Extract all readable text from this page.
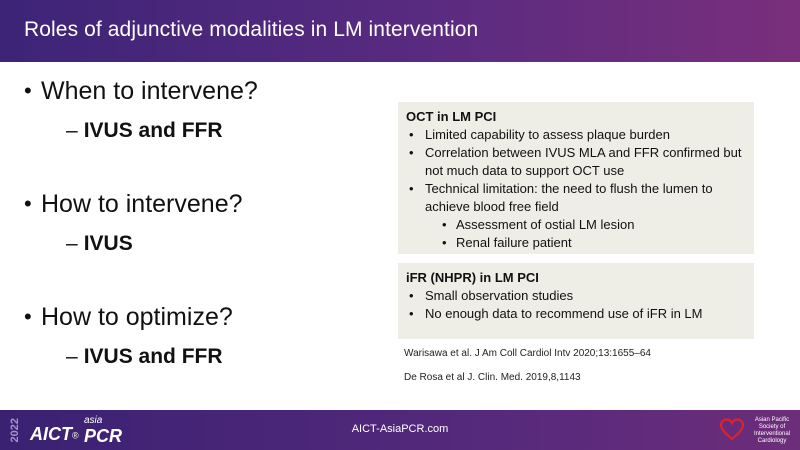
Roles of adjunctive modalities in LM intervention
• When to intervene?
– IVUS and FFR
• How to intervene?
– IVUS
• How to optimize?
– IVUS and FFR
OCT in LM PCI
• Limited capability to assess plaque burden
• Correlation between IVUS MLA and FFR confirmed but not much data to support OCT use
• Technical limitation: the need to flush the lumen to achieve blood free field
• Assessment of ostial LM lesion
• Renal failure patient
iFR (NHPR) in LM PCI
• Small observation studies
• No enough data to recommend use of iFR in LM
Warisawa et al. J Am Coll Cardiol Intv 2020;13:1655–64
De Rosa et al J. Clin. Med. 2019,8,1143
2022 AICT®
asia
PCR	AICT-AsiaPCR.com
Asian Pacific
Society of
Interventional
Cardiology
